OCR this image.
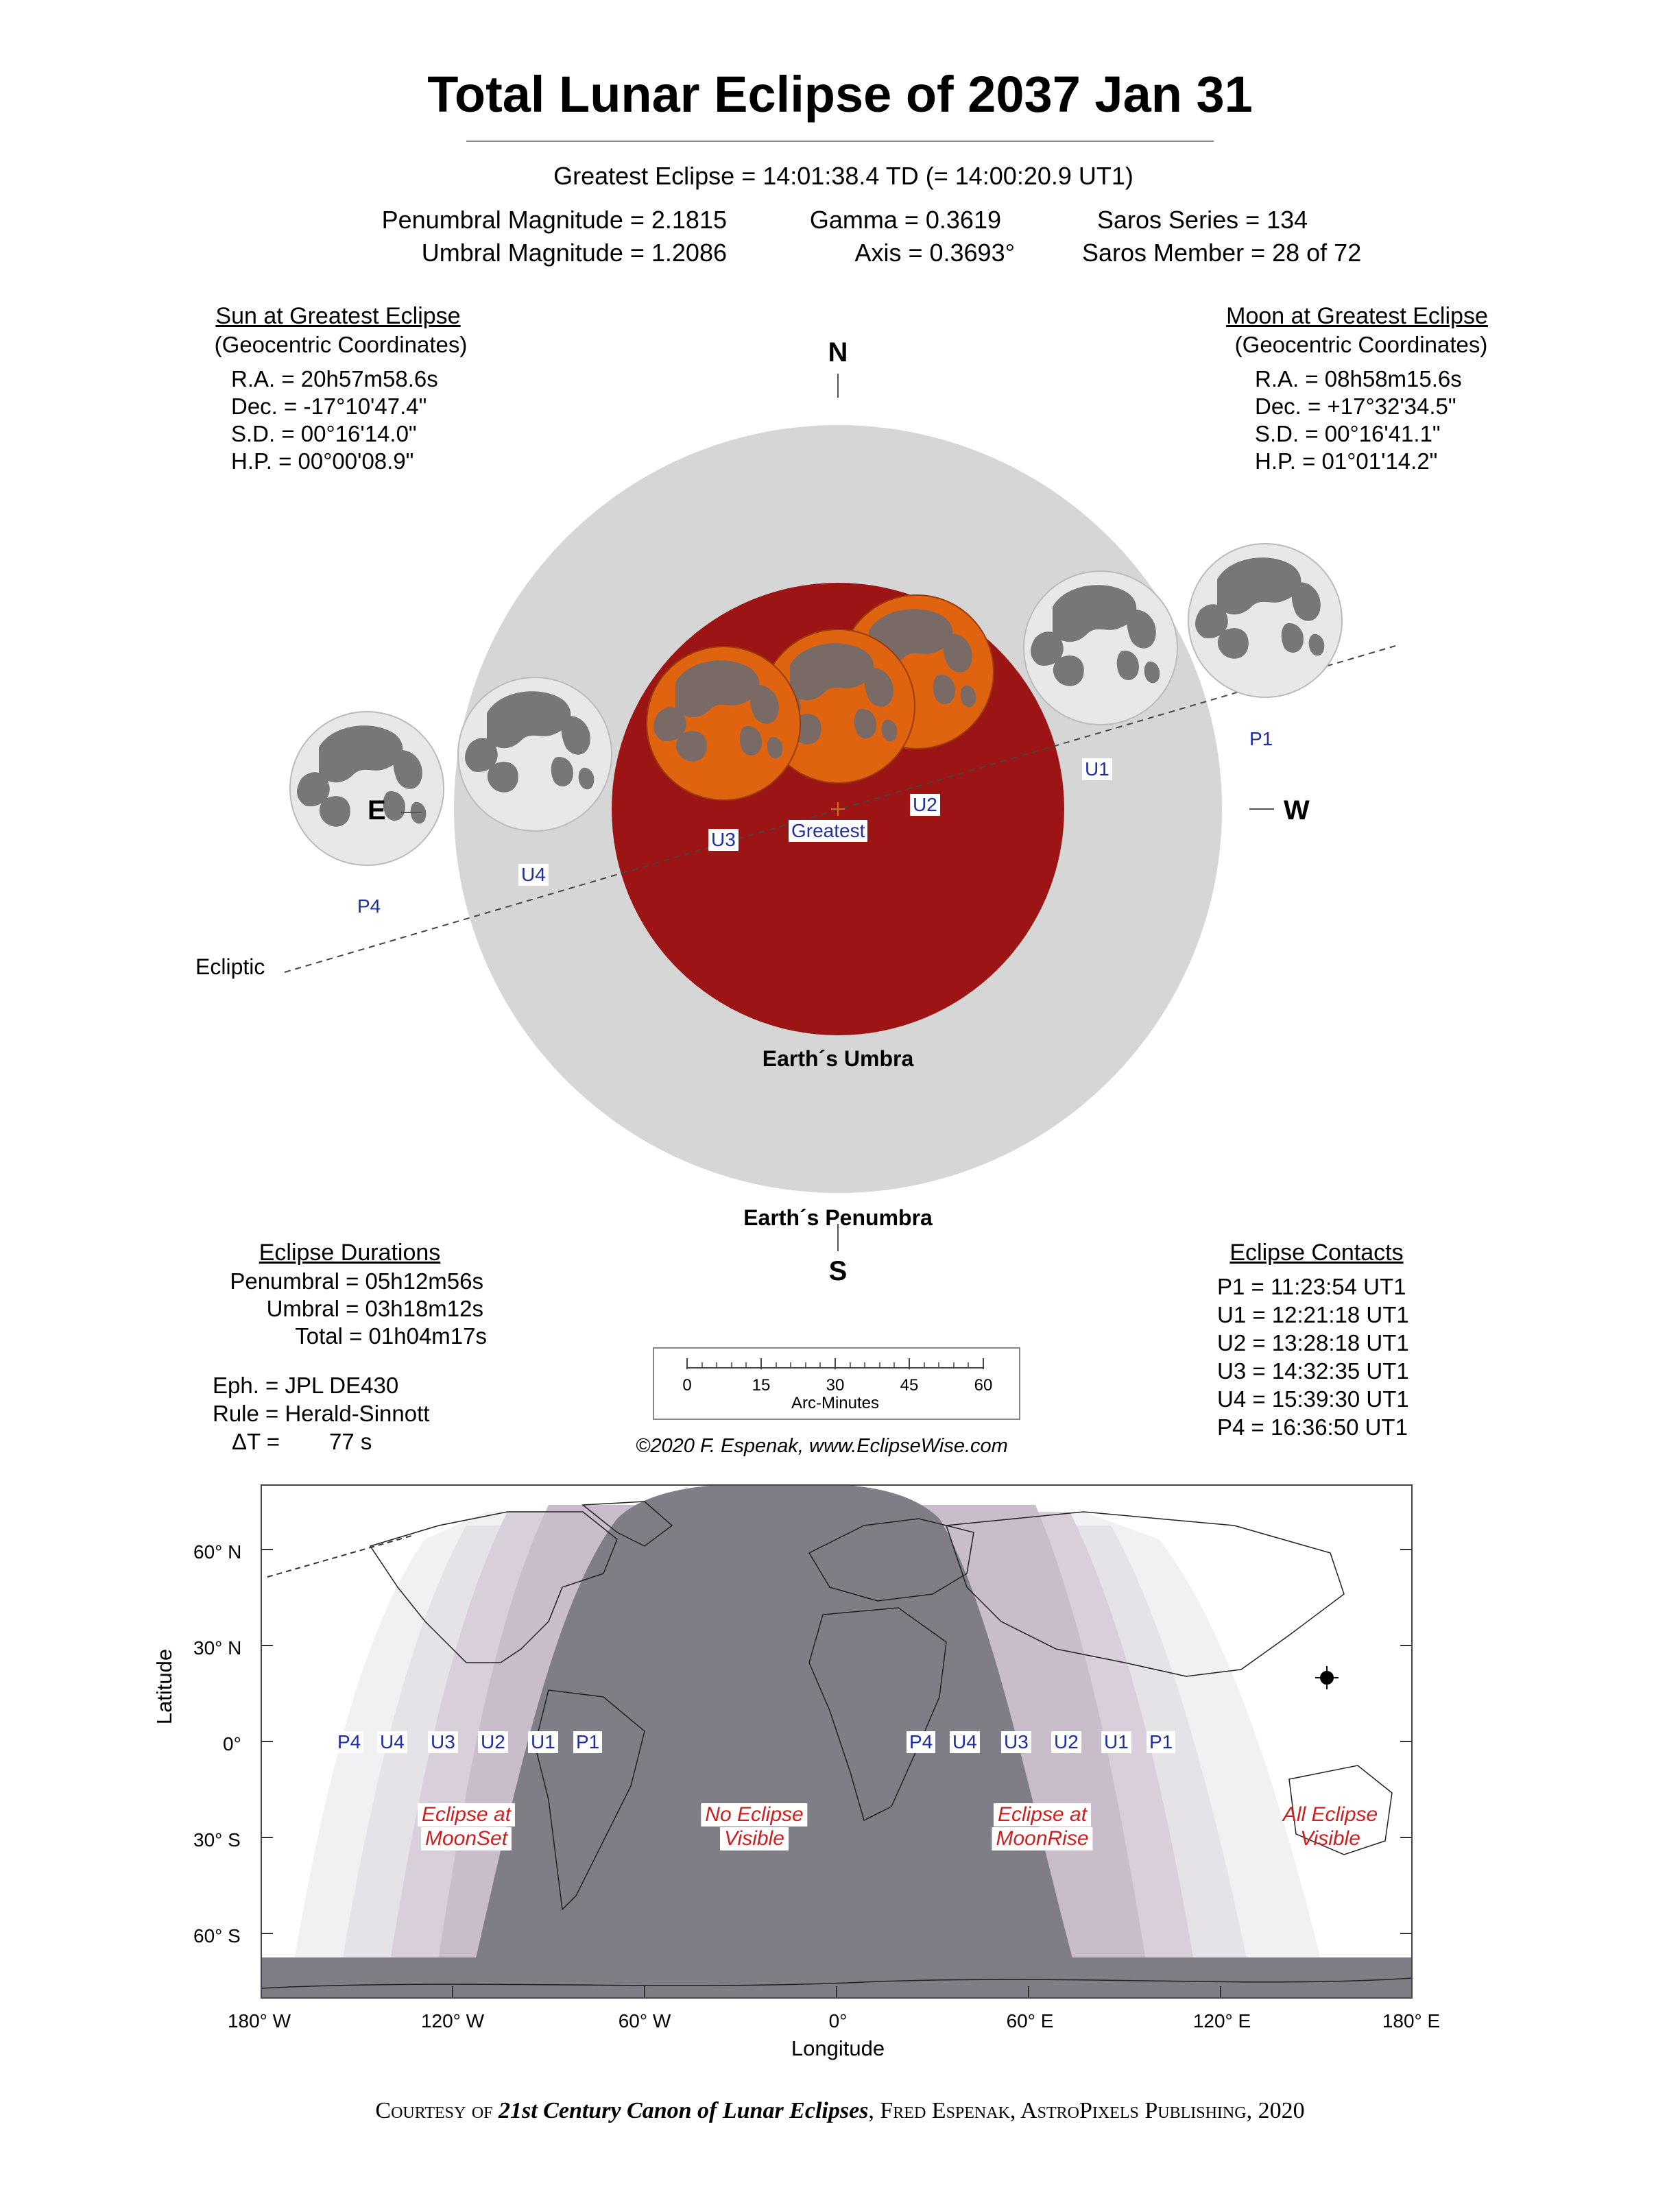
Total Lunar Eclipse of 2037 Jan 31
Greatest Eclipse = 14:01:38.4 TD (= 14:00:20.9 UT1)
Penumbral Magnitude = 2.1815
Umbral Magnitude = 1.2086
Gamma = 0.3619
Axis = 0.3693°
Saros Series = 134
Saros Member = 28 of 72
Sun at Greatest Eclipse
(Geocentric Coordinates)
R.A. = 20h57m58.6s
Dec. = -17°10'47.4"
S.D. = 00°16'14.0"
H.P. = 00°00'08.9"
Moon at Greatest Eclipse
(Geocentric Coordinates)
R.A. = 08h58m15.6s
Dec. = +17°32'34.5"
S.D. = 00°16'41.1"
H.P. = 01°01'14.2"
N
S
E	W
Ecliptic
Earth´s Umbra
Earth´s Penumbra
Greatest
U2
U3
U1
P1
U4
P4
Eclipse Durations
Penumbral = 05h12m56s
Umbral = 03h18m12s
Total = 01h04m17s
Eph. = JPL DE430
Rule = Herald-Sinnott
ΔT = 77 s
0	15	30	45	60
Arc-Minutes
©2020 F. Espenak, www.EclipseWise.com
Eclipse Contacts
P1 = 11:23:54 UT1
U1 = 12:21:18 UT1
U2 = 13:28:18 UT1
U3 = 14:32:35 UT1
U4 = 15:39:30 UT1
P4 = 16:36:50 UT1
60° N
30° N
0°
30° S
60° S
180° W	120° W	60° W	0°	60° E	120° E	180° E
Longitude
Latitude
P4 U4 U3 U2 U1 P1	P4 U4 U3 U2 U1 P1
Eclipse at
MoonSet
No Eclipse
Visible
Eclipse at
MoonRise
All Eclipse
Visible
Courtesy of 21st Century Canon of Lunar Eclipses, Fred Espenak, AstroPixels Publishing, 2020
